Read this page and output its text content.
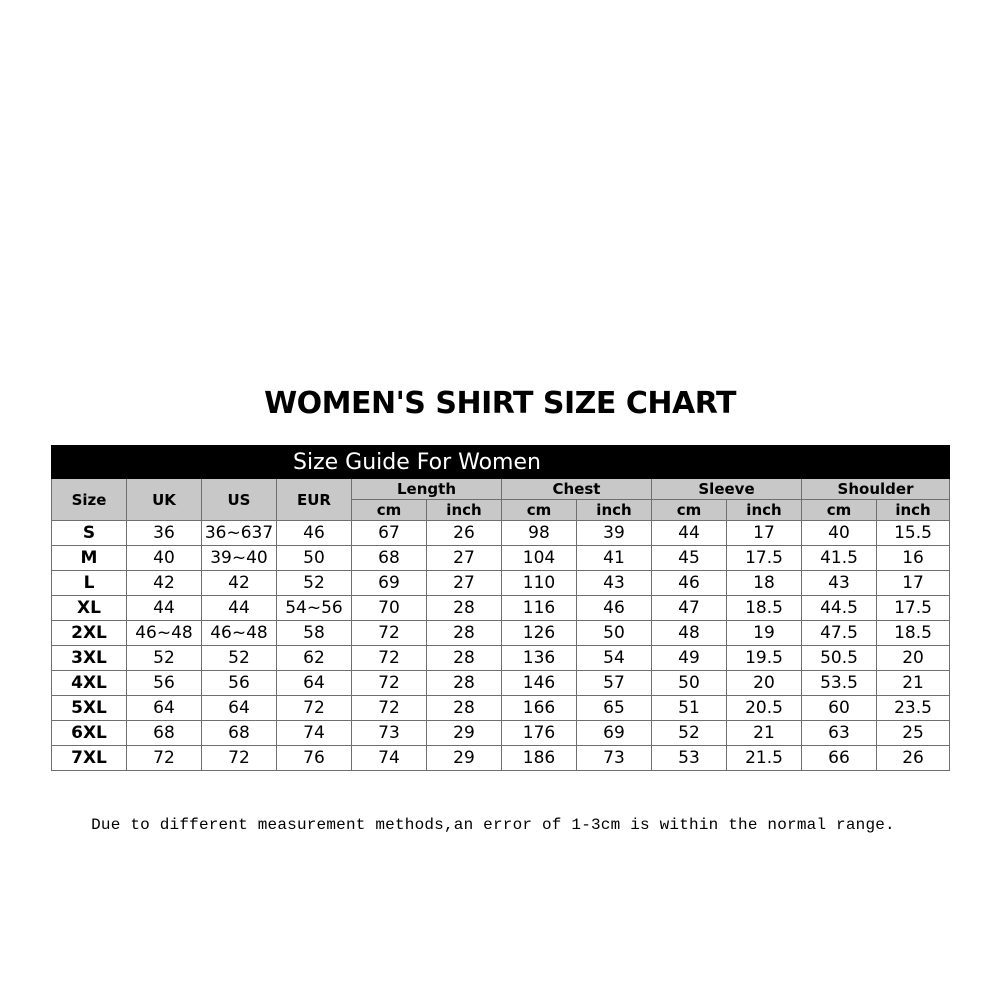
WOMEN'S SHIRT SIZE CHART
Size Guide For Women											
Size	UK	US	EUR	Length		Chest		Sleeve		Shoulder	
				cm	inch	cm	inch	cm	inch	cm	inch
S	36	36~637	46	67	26	98	39	44	17	40	15.5
M	40	39~40	50	68	27	104	41	45	17.5	41.5	16
L	42	42	52	69	27	110	43	46	18	43	17
XL	44	44	54~56	70	28	116	46	47	18.5	44.5	17.5
2XL	46~48	46~48	58	72	28	126	50	48	19	47.5	18.5
3XL	52	52	62	72	28	136	54	49	19.5	50.5	20
4XL	56	56	64	72	28	146	57	50	20	53.5	21
5XL	64	64	72	72	28	166	65	51	20.5	60	23.5
6XL	68	68	74	73	29	176	69	52	21	63	25
7XL	72	72	76	74	29	186	73	53	21.5	66	26
Due to different measurement methods,an error of 1-3cm is within the normal range.
